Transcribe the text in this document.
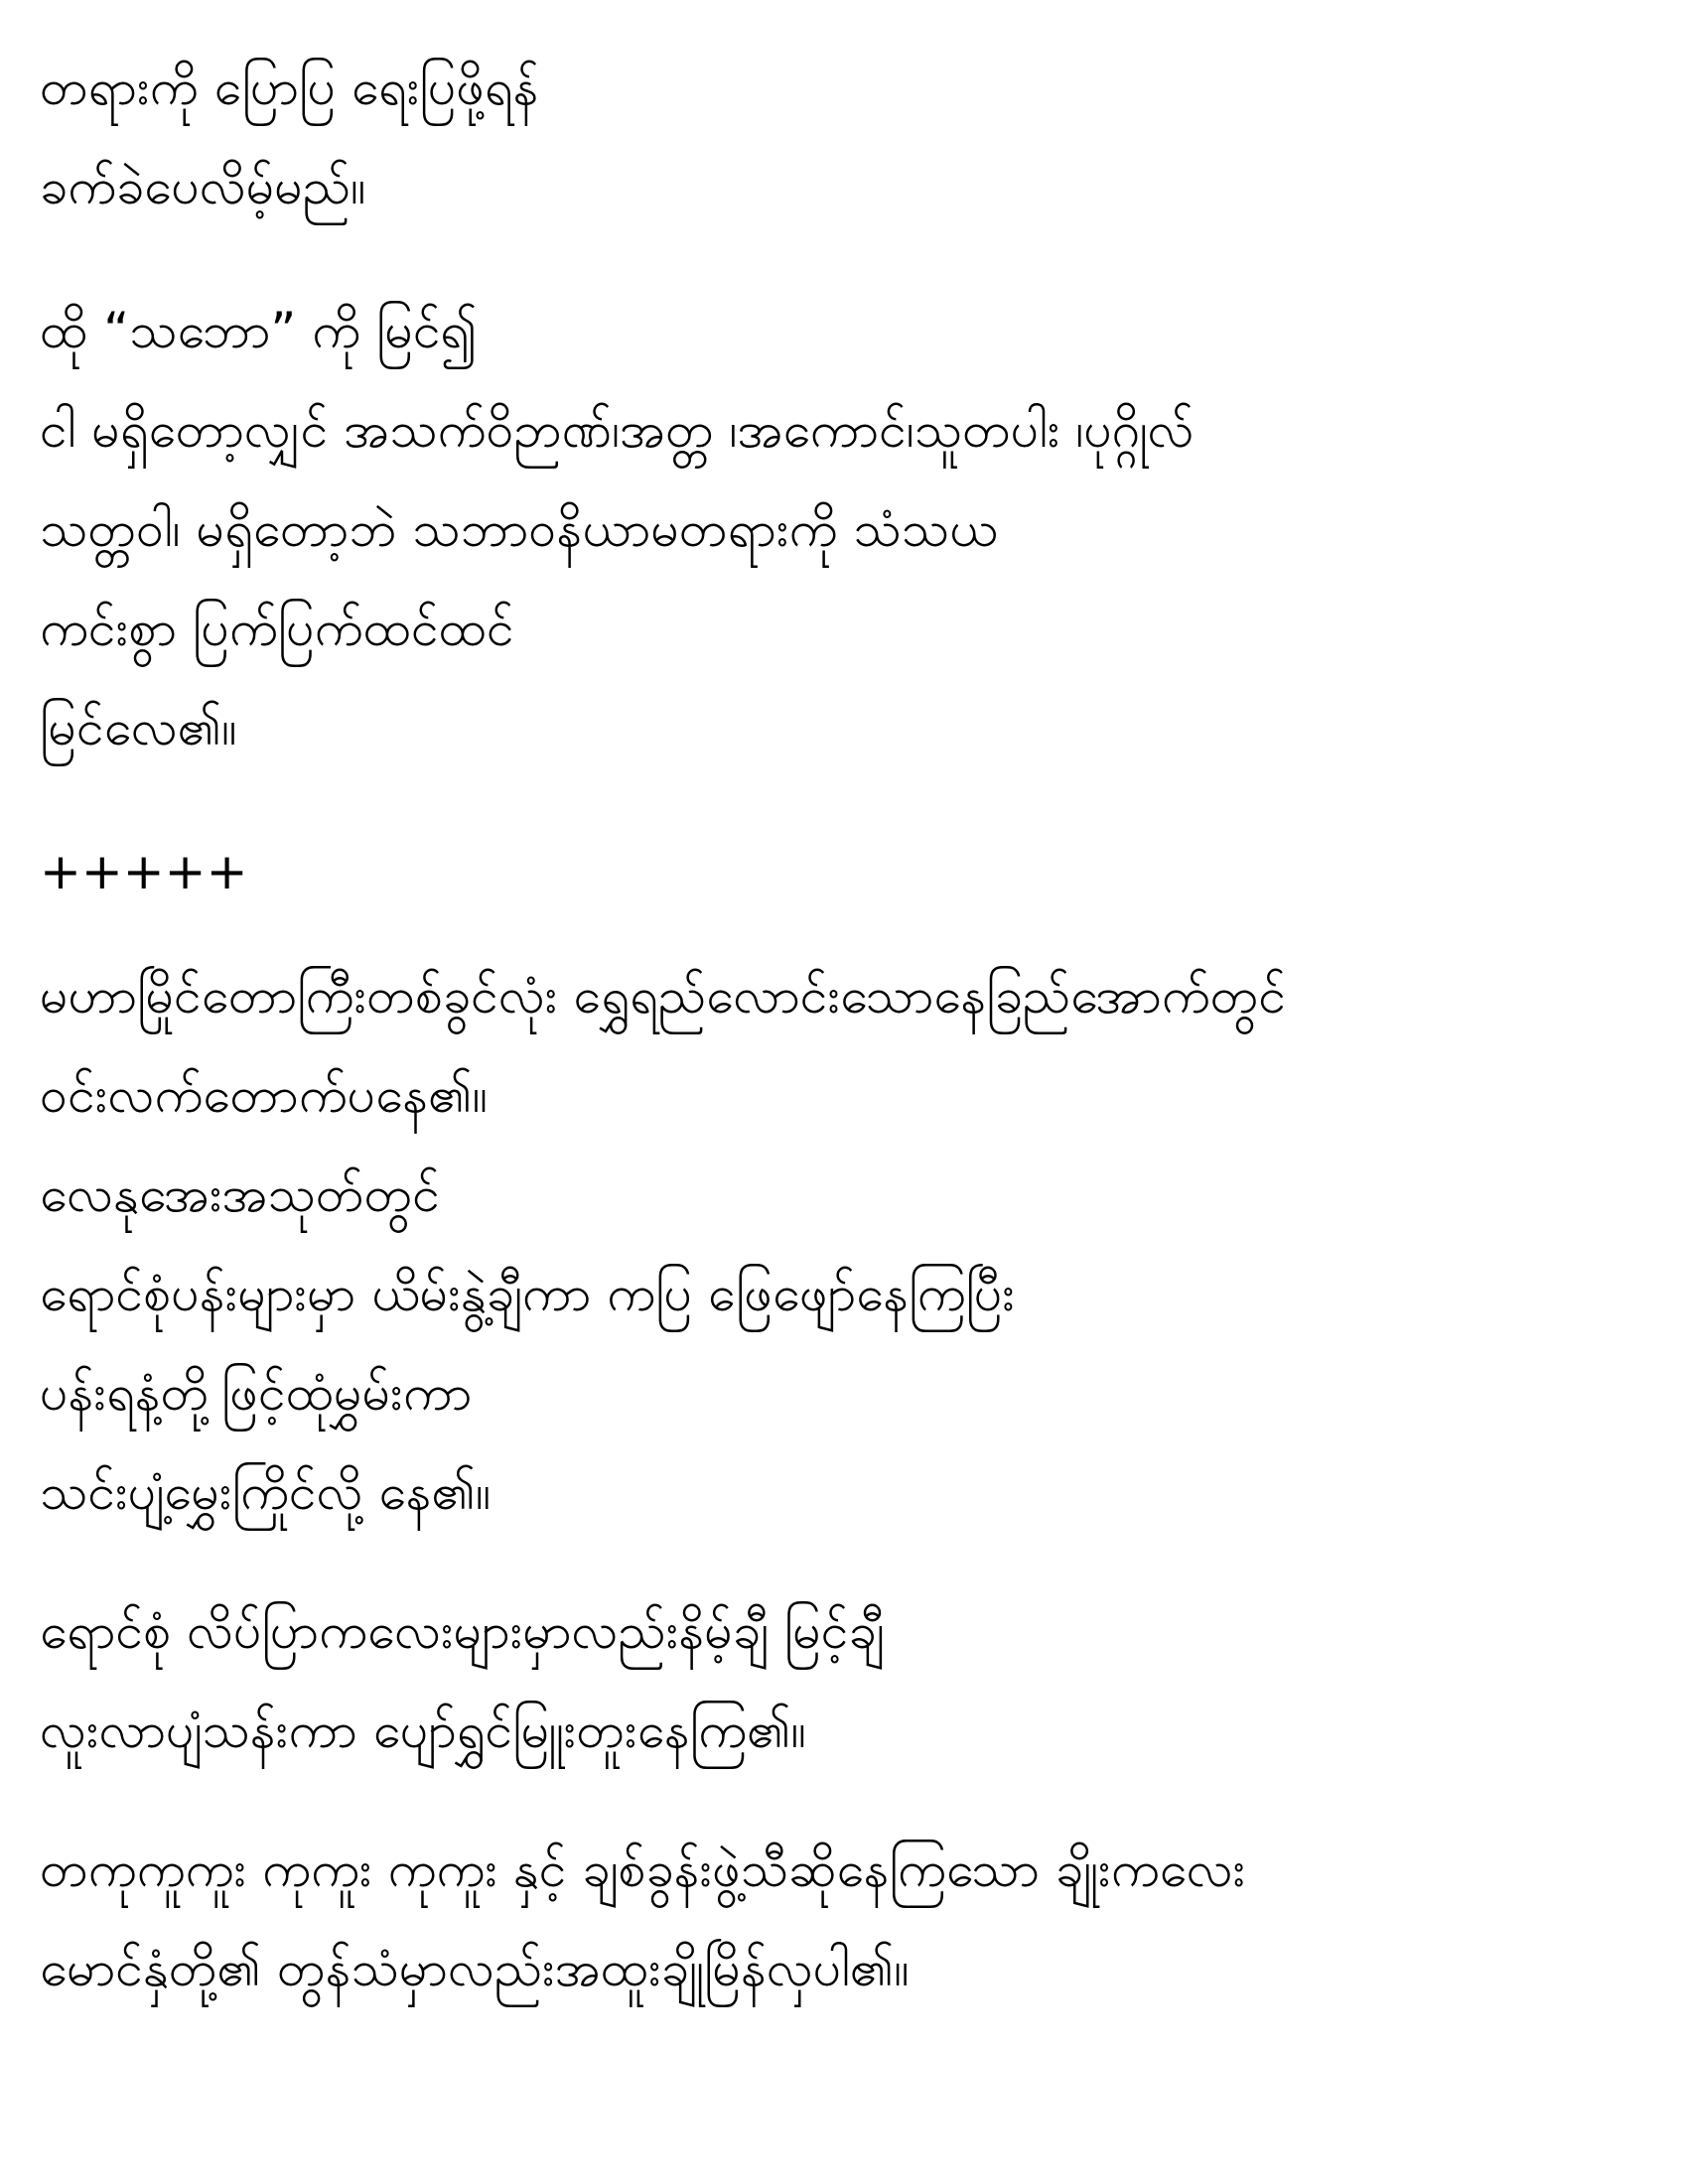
တရားကို ပြောပြ ရေးပြဖို့ရန်
ခက်ခဲပေလိမ့်မည်။
ထို “သဘော” ကို မြင်၍
ငါ မရှိတော့လျှင် အသက်ဝိဉာဏ်၊အတ္တ ၊အကောင်၊သူတပါး ၊ပုဂ္ဂိုလ်
သတ္တဝါ၊ မရှိတော့ဘဲ သဘာဝနိယာမတရားကို သံသယ
ကင်းစွာ ပြက်ပြက်ထင်ထင်
မြင်လေ၏။
+++++
မဟာမြိုင်တောကြီးတစ်ခွင်လုံး ရွှေရည်လောင်းသောနေခြည်အောက်တွင်
ဝင်းလက်တောက်ပနေ၏။
လေနုအေးအသုတ်တွင်
ရောင်စုံပန်းများမှာ ယိမ်းနွဲ့ချီကာ ကပြ ဖြေဖျော်နေကြပြီး
ပန်းရနံ့တို့ဖြင့်ထုံမွှမ်းကာ
သင်းပျံ့မွှေးကြိုင်လို့ နေ၏။
ရောင်စုံ လိပ်ပြာကလေးများမှာလည်းနိမ့်ချီ မြင့်ချီ
လူးလာပျံသန်းကာ ပျော်ရွှင်မြူးတူးနေကြ၏။
တကုကူကူး ကုကူး ကုကူး နှင့် ချစ်ခွန်းဖွဲ့သီဆိုနေကြသော ချိုးကလေး
မောင်နှံတို့၏ တွန်သံမှာလည်းအထူးချိုမြိန်လှပါ၏။
